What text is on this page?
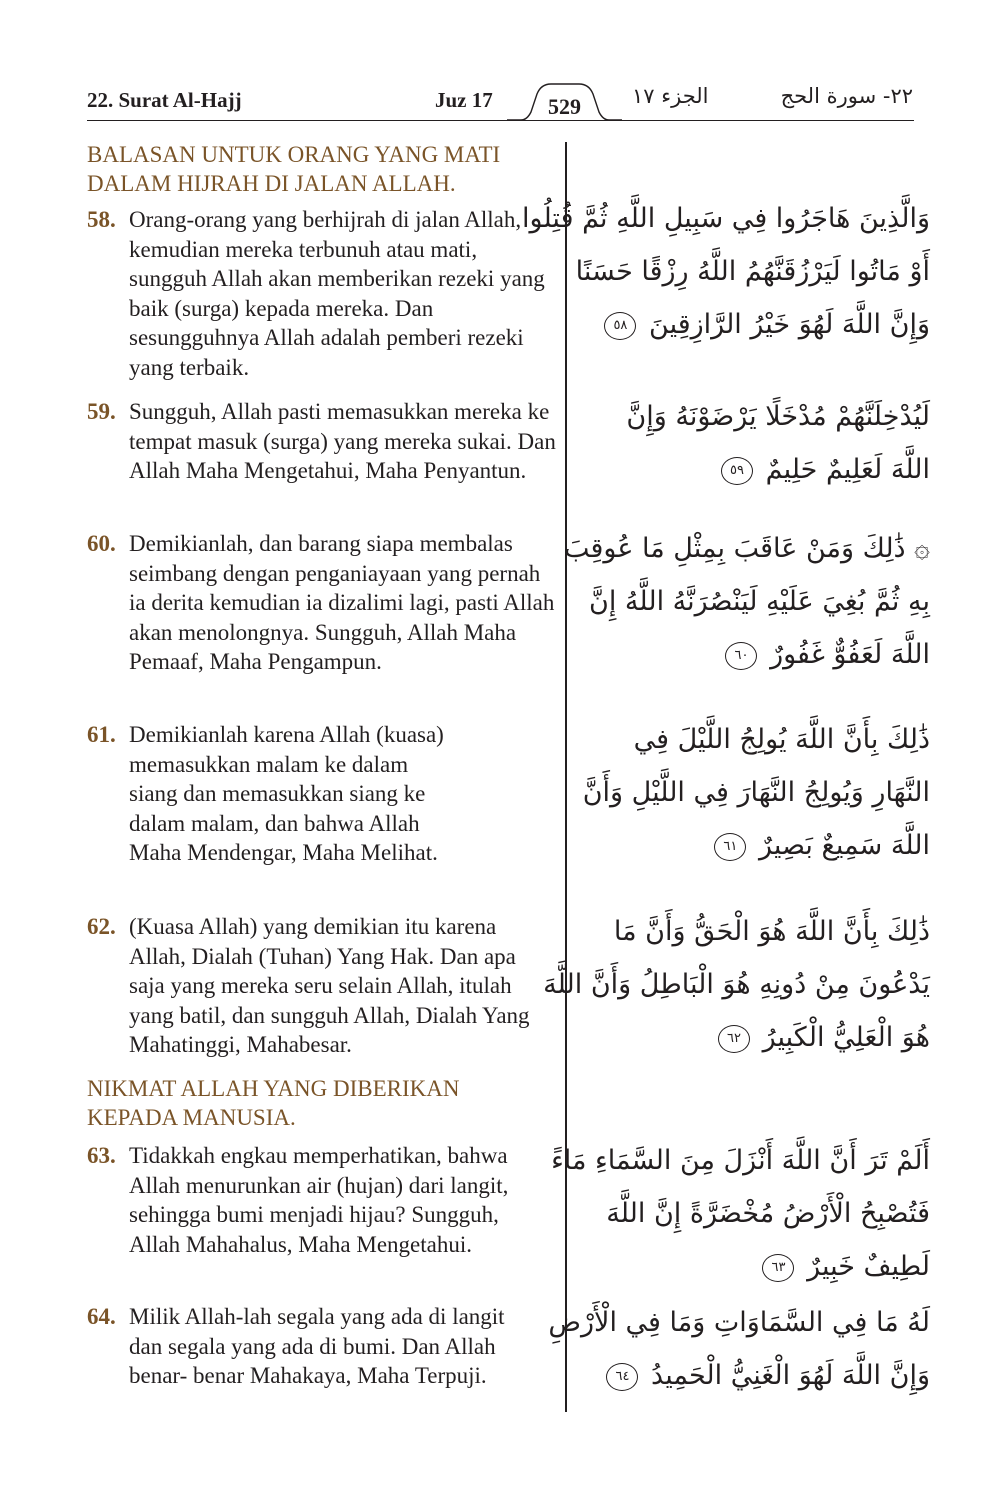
22. Surat Al-Hajj	Juz 17	529	الجزء ١٧	٢٢- سورة الحج
BALASAN UNTUK ORANG YANG MATI DALAM HIJRAH DI JALAN ALLAH.
58. Orang-orang yang berhijrah di jalan Allah, kemudian mereka terbunuh atau mati, sungguh Allah akan memberikan rezeki yang baik (surga) kepada mereka. Dan sesungguhnya Allah adalah pemberi rezeki yang terbaik.
وَالَّذِينَ هَاجَرُوا فِي سَبِيلِ اللَّهِ ثُمَّ قُتِلُوا
أَوْ مَاتُوا لَيَرْزُقَنَّهُمُ اللَّهُ رِزْقًا حَسَنًا
وَإِنَّ اللَّهَ لَهُوَ خَيْرُ الرَّازِقِينَ ٥٨
59. Sungguh, Allah pasti memasukkan mereka ke tempat masuk (surga) yang mereka sukai. Dan Allah Maha Mengetahui, Maha Penyantun.
لَيُدْخِلَنَّهُمْ مُدْخَلًا يَرْضَوْنَهُ وَإِنَّ
اللَّهَ لَعَلِيمٌ حَلِيمٌ ٥٩
60. Demikianlah, dan barang siapa membalas seimbang dengan penganiayaan yang pernah ia derita kemudian ia dizalimi lagi, pasti Allah akan menolongnya. Sungguh, Allah Maha Pemaaf, Maha Pengampun.
۞ ذَٰلِكَ وَمَنْ عَاقَبَ بِمِثْلِ مَا عُوقِبَ
بِهِ ثُمَّ بُغِيَ عَلَيْهِ لَيَنْصُرَنَّهُ اللَّهُ إِنَّ
اللَّهَ لَعَفُوٌّ غَفُورٌ ٦٠
61. Demikianlah karena Allah (kuasa) memasukkan malam ke dalam siang dan memasukkan siang ke dalam malam, dan bahwa Allah Maha Mendengar, Maha Melihat.
ذَٰلِكَ بِأَنَّ اللَّهَ يُولِجُ اللَّيْلَ فِي
النَّهَارِ وَيُولِجُ النَّهَارَ فِي اللَّيْلِ وَأَنَّ
اللَّهَ سَمِيعٌ بَصِيرٌ ٦١
62. (Kuasa Allah) yang demikian itu karena Allah, Dialah (Tuhan) Yang Hak. Dan apa saja yang mereka seru selain Allah, itulah yang batil, dan sungguh Allah, Dialah Yang Mahatinggi, Mahabesar.
ذَٰلِكَ بِأَنَّ اللَّهَ هُوَ الْحَقُّ وَأَنَّ مَا
يَدْعُونَ مِنْ دُونِهِ هُوَ الْبَاطِلُ وَأَنَّ اللَّهَ
هُوَ الْعَلِيُّ الْكَبِيرُ ٦٢
NIKMAT ALLAH YANG DIBERIKAN KEPADA MANUSIA.
63. Tidakkah engkau memperhatikan, bahwa Allah menurunkan air (hujan) dari langit, sehingga bumi menjadi hijau? Sungguh, Allah Mahahalus, Maha Mengetahui.
أَلَمْ تَرَ أَنَّ اللَّهَ أَنْزَلَ مِنَ السَّمَاءِ مَاءً
فَتُصْبِحُ الْأَرْضُ مُخْضَرَّةً إِنَّ اللَّهَ
لَطِيفٌ خَبِيرٌ ٦٣
64. Milik Allah-lah segala yang ada di langit dan segala yang ada di bumi. Dan Allah benar- benar Mahakaya, Maha Terpuji.
لَهُ مَا فِي السَّمَاوَاتِ وَمَا فِي الْأَرْضِ
وَإِنَّ اللَّهَ لَهُوَ الْغَنِيُّ الْحَمِيدُ ٦٤
